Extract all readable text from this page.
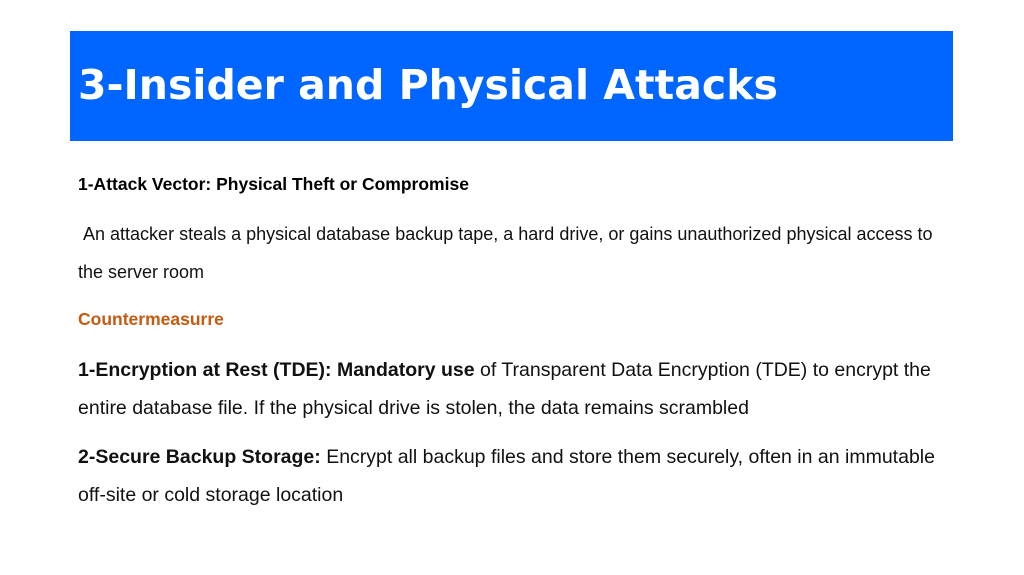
3-Insider and Physical Attacks

1-Attack Vector: Physical Theft or Compromise

An attacker steals a physical database backup tape, a hard drive, or gains unauthorized physical access to the server room

Countermeasurre

1-Encryption at Rest (TDE): Mandatory use of Transparent Data Encryption (TDE) to encrypt the entire database file. If the physical drive is stolen, the data remains scrambled

2-Secure Backup Storage: Encrypt all backup files and store them securely, often in an immutable off-site or cold storage location
